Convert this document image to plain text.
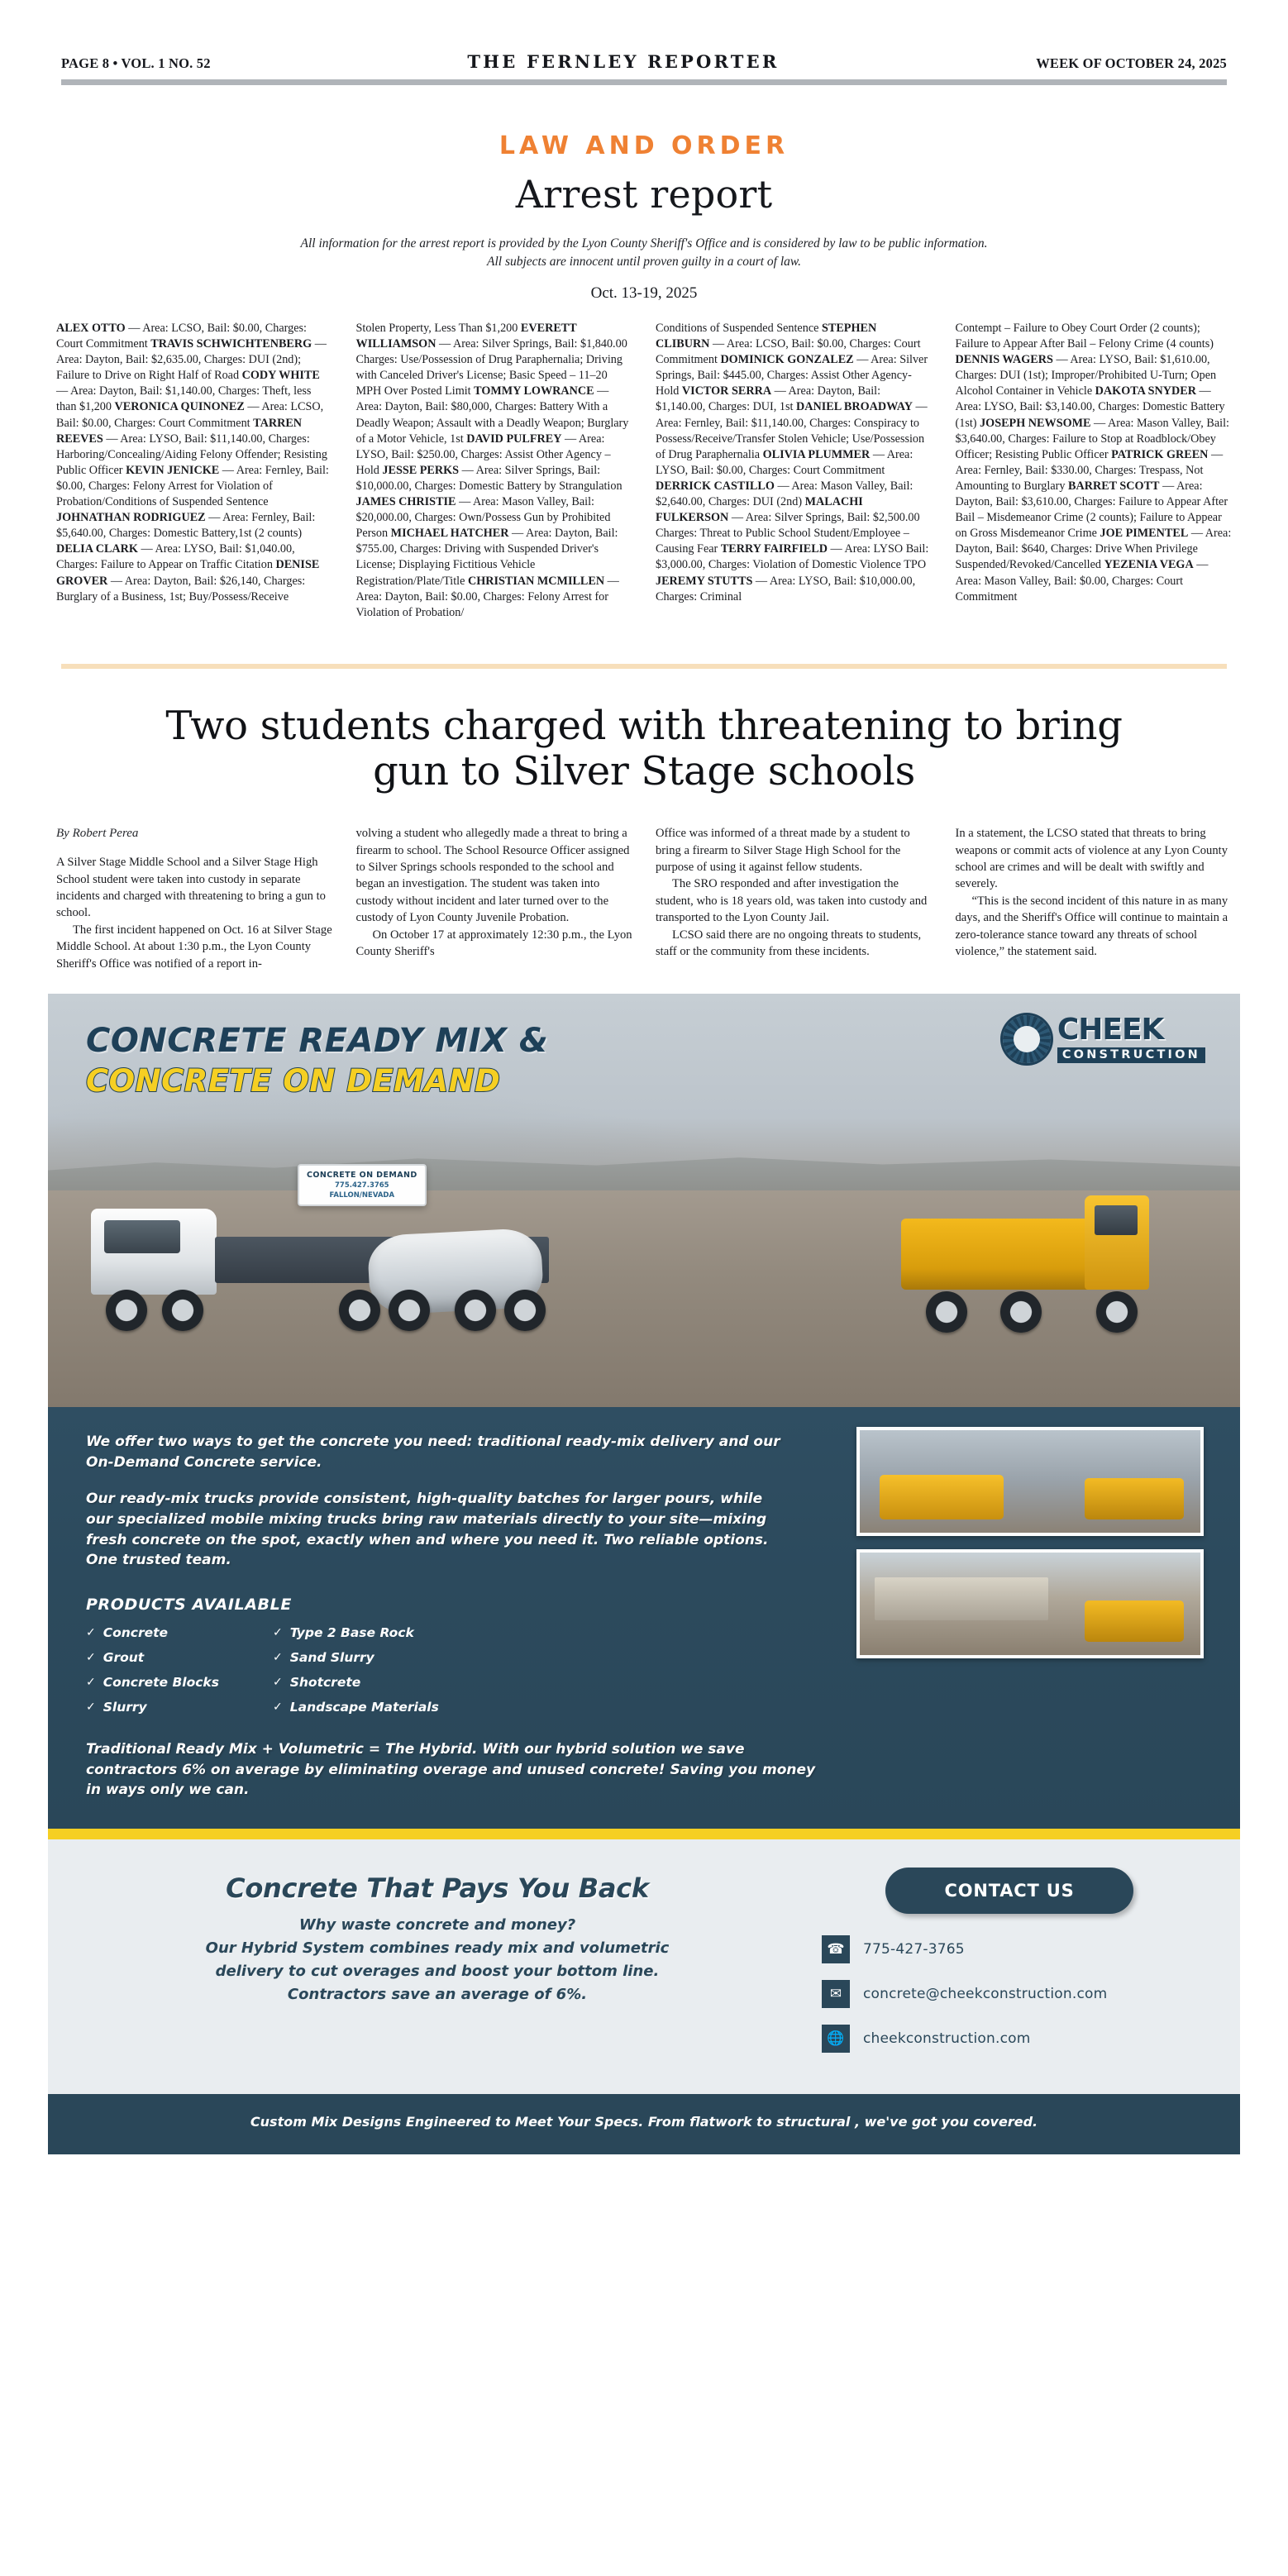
PAGE 8 • VOL. 1 NO. 52	THE FERNLEY REPORTER	WEEK OF OCTOBER 24, 2025
LAW AND ORDER
Arrest report
All information for the arrest report is provided by the Lyon County Sheriff's Office and is considered by law to be public information.
All subjects are innocent until proven guilty in a court of law.
Oct. 13-19, 2025
ALEX OTTO — Area: LCSO, Bail: $0.00, Charges: Court Commitment TRAVIS SCHWICHTENBERG — Area: Dayton, Bail: $2,635.00, Charges: DUI (2nd); Failure to Drive on Right Half of Road CODY WHITE — Area: Dayton, Bail: $1,140.00, Charges: Theft, less than $1,200 VERONICA QUINONEZ — Area: LCSO, Bail: $0.00, Charges: Court Commitment TARREN REEVES — Area: LYSO, Bail: $11,140.00, Charges: Harboring/Concealing/Aiding Felony Offender; Resisting Public Officer KEVIN JENICKE — Area: Fernley, Bail: $0.00, Charges: Felony Arrest for Violation of Probation/Conditions of Suspended Sentence JOHNATHAN RODRIGUEZ — Area: Fernley, Bail: $5,640.00, Charges: Domestic Battery,1st (2 counts) DELIA CLARK — Area: LYSO, Bail: $1,040.00, Charges: Failure to Appear on Traffic Citation DENISE GROVER — Area: Dayton, Bail: $26,140, Charges: Burglary of a Business, 1st; Buy/Possess/Receive
Stolen Property, Less Than $1,200 EVERETT WILLIAMSON — Area: Silver Springs, Bail: $1,840.00 Charges: Use/Possession of Drug Paraphernalia; Driving with Canceled Driver's License; Basic Speed – 11–20 MPH Over Posted Limit TOMMY LOWRANCE — Area: Dayton, Bail: $80,000, Charges: Battery With a Deadly Weapon; Assault with a Deadly Weapon; Burglary of a Motor Vehicle, 1st DAVID PULFREY — Area: LYSO, Bail: $250.00, Charges: Assist Other Agency – Hold JESSE PERKS — Area: Silver Springs, Bail: $10,000.00, Charges: Domestic Battery by Strangulation JAMES CHRISTIE — Area: Mason Valley, Bail: $20,000.00, Charges: Own/Possess Gun by Prohibited Person MICHAEL HATCHER — Area: Dayton, Bail: $755.00, Charges: Driving with Suspended Driver's License; Displaying Fictitious Vehicle Registration/Plate/Title CHRISTIAN MCMILLEN — Area: Dayton, Bail: $0.00, Charges: Felony Arrest for Violation of Probation/
Conditions of Suspended Sentence STEPHEN CLIBURN — Area: LCSO, Bail: $0.00, Charges: Court Commitment DOMINICK GONZALEZ — Area: Silver Springs, Bail: $445.00, Charges: Assist Other Agency-Hold VICTOR SERRA — Area: Dayton, Bail: $1,140.00, Charges: DUI, 1st DANIEL BROADWAY — Area: Fernley, Bail: $11,140.00, Charges: Conspiracy to Possess/Receive/Transfer Stolen Vehicle; Use/Possession of Drug Paraphernalia OLIVIA PLUMMER — Area: LYSO, Bail: $0.00, Charges: Court Commitment DERRICK CASTILLO — Area: Mason Valley, Bail: $2,640.00, Charges: DUI (2nd) MALACHI FULKERSON — Area: Silver Springs, Bail: $2,500.00 Charges: Threat to Public School Student/Employee – Causing Fear TERRY FAIRFIELD — Area: LYSO Bail: $3,000.00, Charges: Violation of Domestic Violence TPO JEREMY STUTTS — Area: LYSO, Bail: $10,000.00, Charges: Criminal
Contempt – Failure to Obey Court Order (2 counts); Failure to Appear After Bail – Felony Crime (4 counts) DENNIS WAGERS — Area: LYSO, Bail: $1,610.00, Charges: DUI (1st); Improper/Prohibited U-Turn; Open Alcohol Container in Vehicle DAKOTA SNYDER — Area: LYSO, Bail: $3,140.00, Charges: Domestic Battery (1st) JOSEPH NEWSOME — Area: Mason Valley, Bail: $3,640.00, Charges: Failure to Stop at Roadblock/Obey Officer; Resisting Public Officer PATRICK GREEN — Area: Fernley, Bail: $330.00, Charges: Trespass, Not Amounting to Burglary BARRET SCOTT — Area: Dayton, Bail: $3,610.00, Charges: Failure to Appear After Bail – Misdemeanor Crime (2 counts); Failure to Appear on Gross Misdemeanor Crime JOE PIMENTEL — Area: Dayton, Bail: $640, Charges: Drive When Privilege Suspended/Revoked/Cancelled YEZENIA VEGA — Area: Mason Valley, Bail: $0.00, Charges: Court Commitment
Two students charged with threatening to bring gun to Silver Stage schools
By Robert Perea

A Silver Stage Middle School and a Silver Stage High School student were taken into custody in separate incidents and charged with threatening to bring a gun to school.

The first incident happened on Oct. 16 at Silver Stage Middle School. At about 1:30 p.m., the Lyon County Sheriff's Office was notified of a report in-

volving a student who allegedly made a threat to bring a firearm to school. The School Resource Officer assigned to Silver Springs schools responded to the school and began an investigation. The student was taken into custody without incident and later turned over to the custody of Lyon County Juvenile Probation.

On October 17 at approximately 12:30 p.m., the Lyon County Sheriff's

Office was informed of a threat made by a student to bring a firearm to Silver Stage High School for the purpose of using it against fellow students.

The SRO responded and after investigation the student, who is 18 years old, was taken into custody and transported to the Lyon County Jail.

LCSO said there are no ongoing threats to students, staff or the community from these incidents.

In a statement, the LCSO stated that threats to bring weapons or commit acts of violence at any Lyon County school are crimes and will be dealt with swiftly and severely.

“This is the second incident of this nature in as many days, and the Sheriff's Office will continue to maintain a zero-tolerance stance toward any threats of school violence,” the statement said.

CONCRETE READY MIX &
CONCRETE ON DEMAND
CHEEK
CONSTRUCTION
CONCRETE ON DEMAND
775.427.3765
FALLON/NEVADA

We offer two ways to get the concrete you need: traditional ready-mix delivery and our On-Demand Concrete service.

Our ready-mix trucks provide consistent, high-quality batches for larger pours, while our specialized mobile mixing trucks bring raw materials directly to your site—mixing fresh concrete on the spot, exactly when and where you need it. Two reliable options. One trusted team.

PRODUCTS AVAILABLE
✓ Concrete	✓ Type 2 Base Rock
✓ Grout	✓ Sand Slurry
✓ Concrete Blocks	✓ Shotcrete
✓ Slurry	✓ Landscape Materials
Traditional Ready Mix + Volumetric = The Hybrid. With our hybrid solution we save contractors 6% on average by eliminating overage and unused concrete! Saving you money in ways only we can.
Concrete That Pays You Back
Why waste concrete and money?
Our Hybrid System combines ready mix and volumetric
delivery to cut overages and boost your bottom line.
Contractors save an average of 6%.
CONTACT US
☎	775-427-3765
✉	concrete@cheekconstruction.com
🌐	cheekconstruction.com
Custom Mix Designs Engineered to Meet Your Specs. From flatwork to structural , we've got you covered.
